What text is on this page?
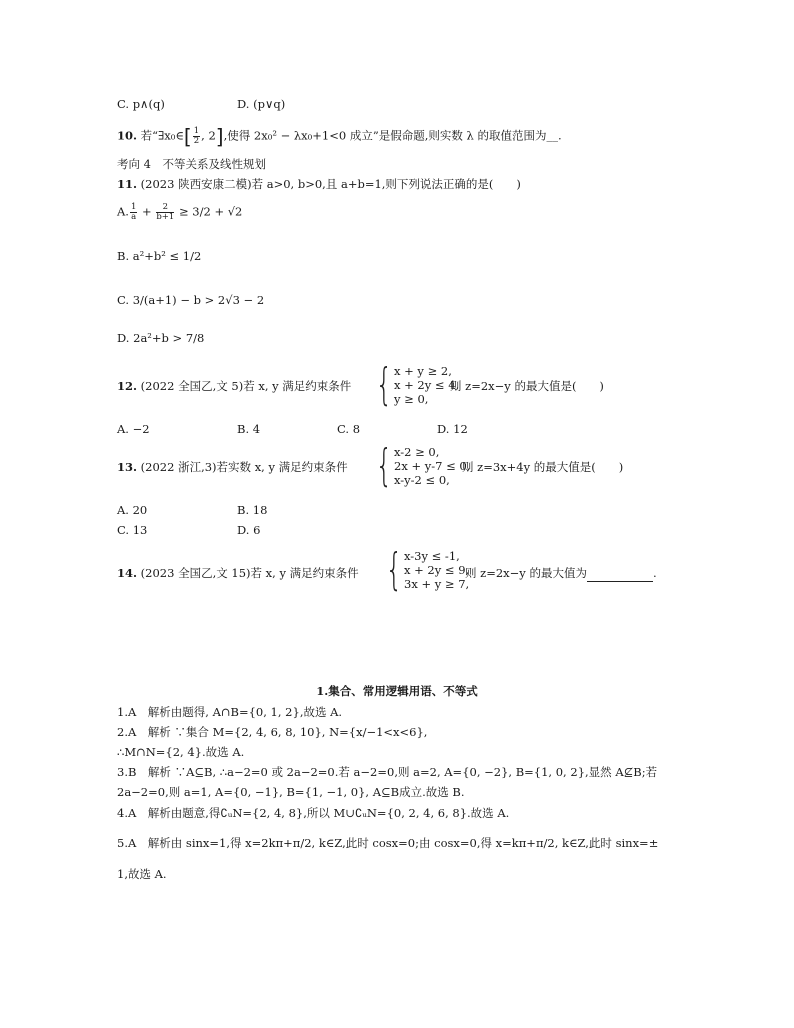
C. p∧(q)	D. (p∨q)
10. 若“∃x₀∈[ $\frac{1}{2}$ , 2],使得 2x₀² − λx₀+1<0 成立”是假命题,则实数 λ 的取值范围为__.
考向 4　不等关系及线性规划
11. (2023 陕西安康二模)若 a>0, b>0,且 a+b=1,则下列说法正确的是(　　)
A. $\frac{1}{a} + \frac{2}{b+1} \ge 3/2 + √2$
B. a²+b² ≤ 1/2
C. 3/(a+1) − b > 2√3 − 2
D. 2a²+b > 7/8
12. (2022 全国乙,文 5)若 x, y 满足约束条件 { x + y ≥ 2,
x + 2y ≤ 4,
y ≥ 0,
则 z=2x−y 的最大值是(　　)
A. −2	B. 4	C. 8	D. 12
13. (2022 浙江,3)若实数 x, y 满足约束条件 { x-2 ≥ 0,
2x + y-7 ≤ 0,
x-y-2 ≤ 0,
则 z=3x+4y 的最大值是(　　)
A. 20	B. 18
C. 13	D. 6
14. (2023 全国乙,文 15)若 x, y 满足约束条件 { x-3y ≤ -1,
x + 2y ≤ 9,
3x + y ≥ 7,
则 z=2x−y 的最大值为	.
1.集合、常用逻辑用语、不等式
1.A　解析由题得, A∩B={0, 1, 2},故选 A.
2.A　解析 ∵集合 M={2, 4, 6, 8, 10}, N={x/−1<x<6},
∴M∩N={2, 4}.故选 A.
3.B　解析 ∵A⊆B, ∴a−2=0 或 2a−2=0.若 a−2=0,则 a=2, A={0, −2}, B={1, 0, 2},显然 A⊈B;若
2a−2=0,则 a=1, A={0, −1}, B={1, −1, 0}, A⊆B成立.故选 B.
4.A　解析由题意,得∁ᵤN={2, 4, 8},所以 M∪∁ᵤN={0, 2, 4, 6, 8}.故选 A.
5.A　解析由 sinx=1,得 x=2kπ+π/2, k∈Z,此时 cosx=0;由 cosx=0,得 x=kπ+π/2, k∈Z,此时 sinx=±
1,故选 A.
